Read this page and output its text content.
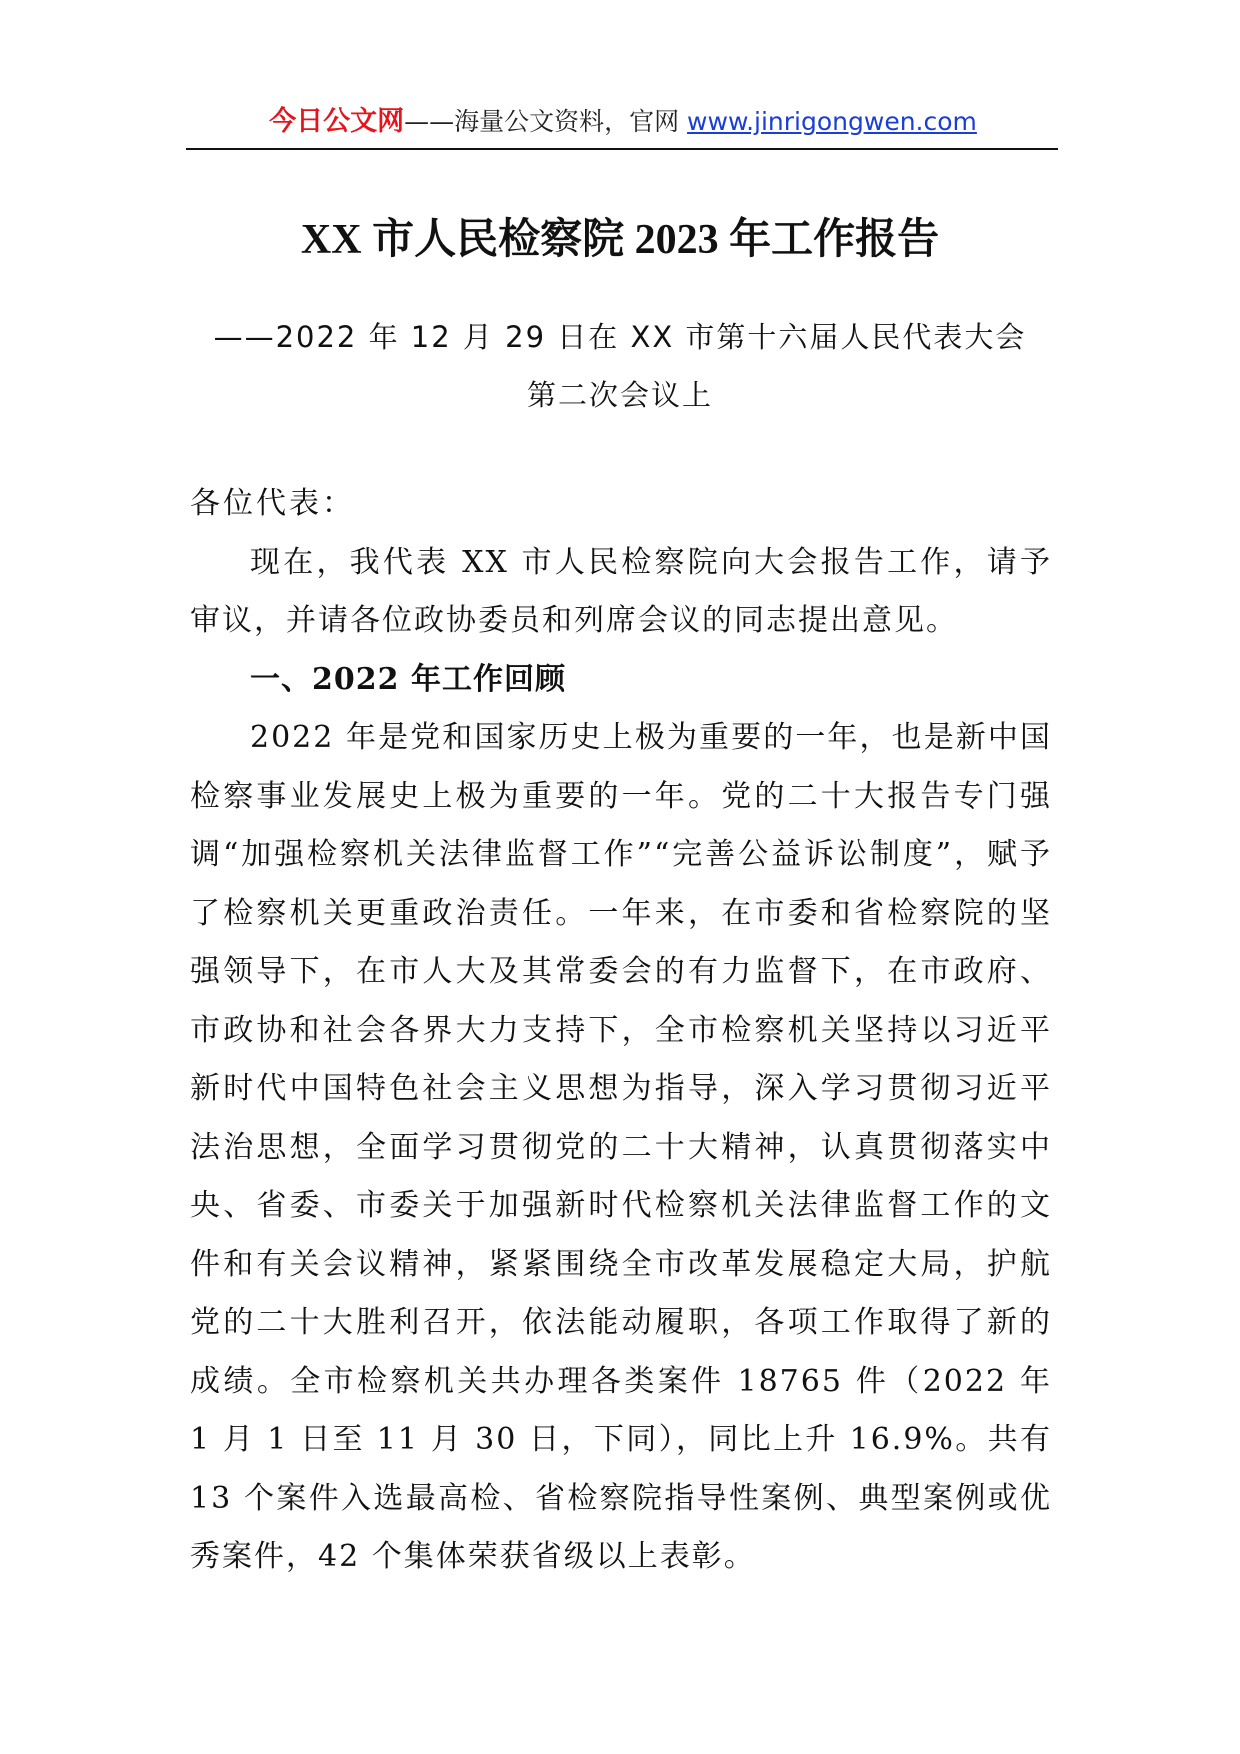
今日公文网——海量公文资料，官网 www.jinrigongwen.com
XX 市人民检察院 2023 年工作报告
——2022 年 12 月 29 日在 XX 市第十六届人民代表大会
第二次会议上

各位代表：

现在，我代表 XX 市人民检察院向大会报告工作，请予审议，并请各位政协委员和列席会议的同志提出意见。

一、2022 年工作回顾

2022 年是党和国家历史上极为重要的一年，也是新中国检察事业发展史上极为重要的一年。党的二十大报告专门强调“加强检察机关法律监督工作”“完善公益诉讼制度”，赋予了检察机关更重政治责任。一年来，在市委和省检察院的坚强领导下，在市人大及其常委会的有力监督下，在市政府、市政协和社会各界大力支持下，全市检察机关坚持以习近平新时代中国特色社会主义思想为指导，深入学习贯彻习近平法治思想，全面学习贯彻党的二十大精神，认真贯彻落实中央、省委、市委关于加强新时代检察机关法律监督工作的文件和有关会议精神，紧紧围绕全市改革发展稳定大局，护航党的二十大胜利召开，依法能动履职，各项工作取得了新的成绩。全市检察机关共办理各类案件 18765 件（2022 年 1 月 1 日至 11 月 30 日，下同），同比上升 16.9%。共有 13 个案件入选最高检、省检察院指导性案例、典型案例或优秀案件，42 个集体荣获省级以上表彰。
